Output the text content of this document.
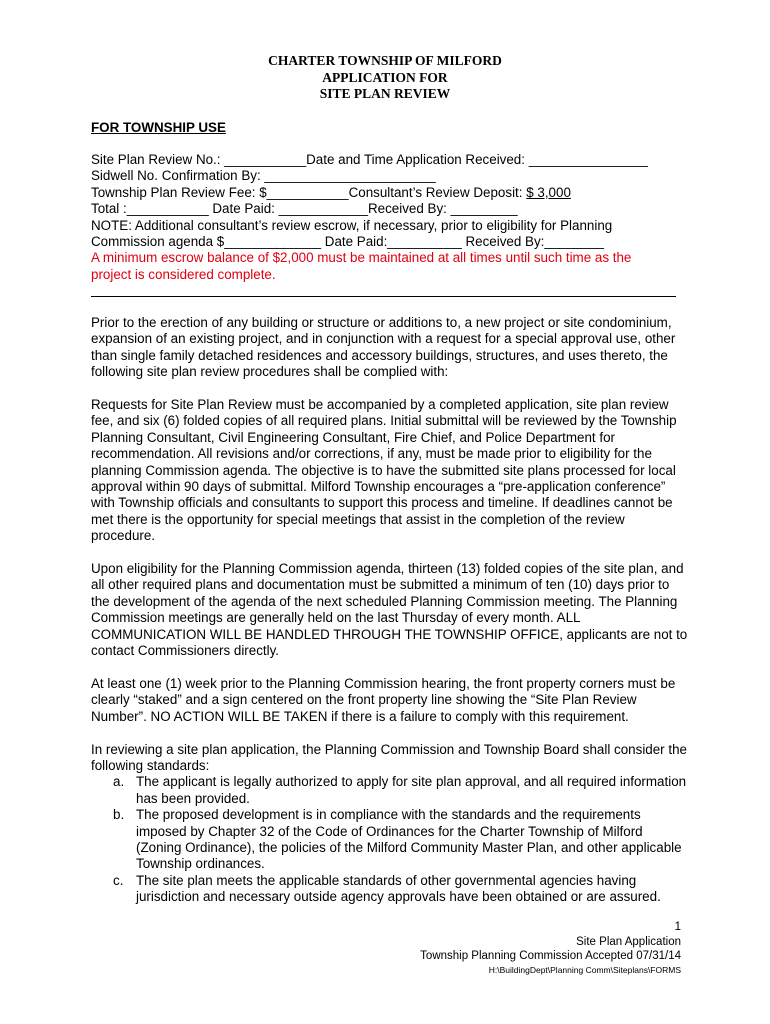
CHARTER TOWNSHIP OF MILFORD
APPLICATION FOR
SITE PLAN REVIEW
FOR TOWNSHIP USE
Site Plan Review No.: ___________Date and Time Application Received: ________________
Sidwell No. Confirmation By: _______________________
Township Plan Review Fee: $___________Consultant’s Review Deposit: $ 3,000
Total :___________ Date Paid: ____________Received By: _________
NOTE: Additional consultant’s review escrow, if necessary, prior to eligibility for Planning
Commission agenda $_____________ Date Paid:__________ Received By:________
A minimum escrow balance of $2,000 must be maintained at all times until such time as the
project is considered complete.

Prior to the erection of any building or structure or additions to, a new project or site condominium, expansion of an existing project, and in conjunction with a request for a special approval use, other than single family detached residences and accessory buildings, structures, and uses thereto, the following site plan review procedures shall be complied with:

Requests for Site Plan Review must be accompanied by a completed application, site plan review fee, and six (6) folded copies of all required plans. Initial submittal will be reviewed by the Township Planning Consultant, Civil Engineering Consultant, Fire Chief, and Police Department for recommendation. All revisions and/or corrections, if any, must be made prior to eligibility for the planning Commission agenda. The objective is to have the submitted site plans processed for local approval within 90 days of submittal. Milford Township encourages a “pre-application conference” with Township officials and consultants to support this process and timeline. If deadlines cannot be met there is the opportunity for special meetings that assist in the completion of the review procedure.

Upon eligibility for the Planning Commission agenda, thirteen (13) folded copies of the site plan, and all other required plans and documentation must be submitted a minimum of ten (10) days prior to the development of the agenda of the next scheduled Planning Commission meeting. The Planning Commission meetings are generally held on the last Thursday of every month. ALL COMMUNICATION WILL BE HANDLED THROUGH THE TOWNSHIP OFFICE, applicants are not to contact Commissioners directly.

At least one (1) week prior to the Planning Commission hearing, the front property corners must be clearly “staked” and a sign centered on the front property line showing the “Site Plan Review Number”. NO ACTION WILL BE TAKEN if there is a failure to comply with this requirement.

In reviewing a site plan application, the Planning Commission and Township Board shall consider the following standards:

a. The applicant is legally authorized to apply for site plan approval, and all required information has been provided.
b. The proposed development is in compliance with the standards and the requirements imposed by Chapter 32 of the Code of Ordinances for the Charter Township of Milford (Zoning Ordinance), the policies of the Milford Community Master Plan, and other applicable Township ordinances.
c. The site plan meets the applicable standards of other governmental agencies having jurisdiction and necessary outside agency approvals have been obtained or are assured.
1
Site Plan Application
Township Planning Commission Accepted 07/31/14
H:\BuildingDept\Planning Comm\Siteplans\FORMS
